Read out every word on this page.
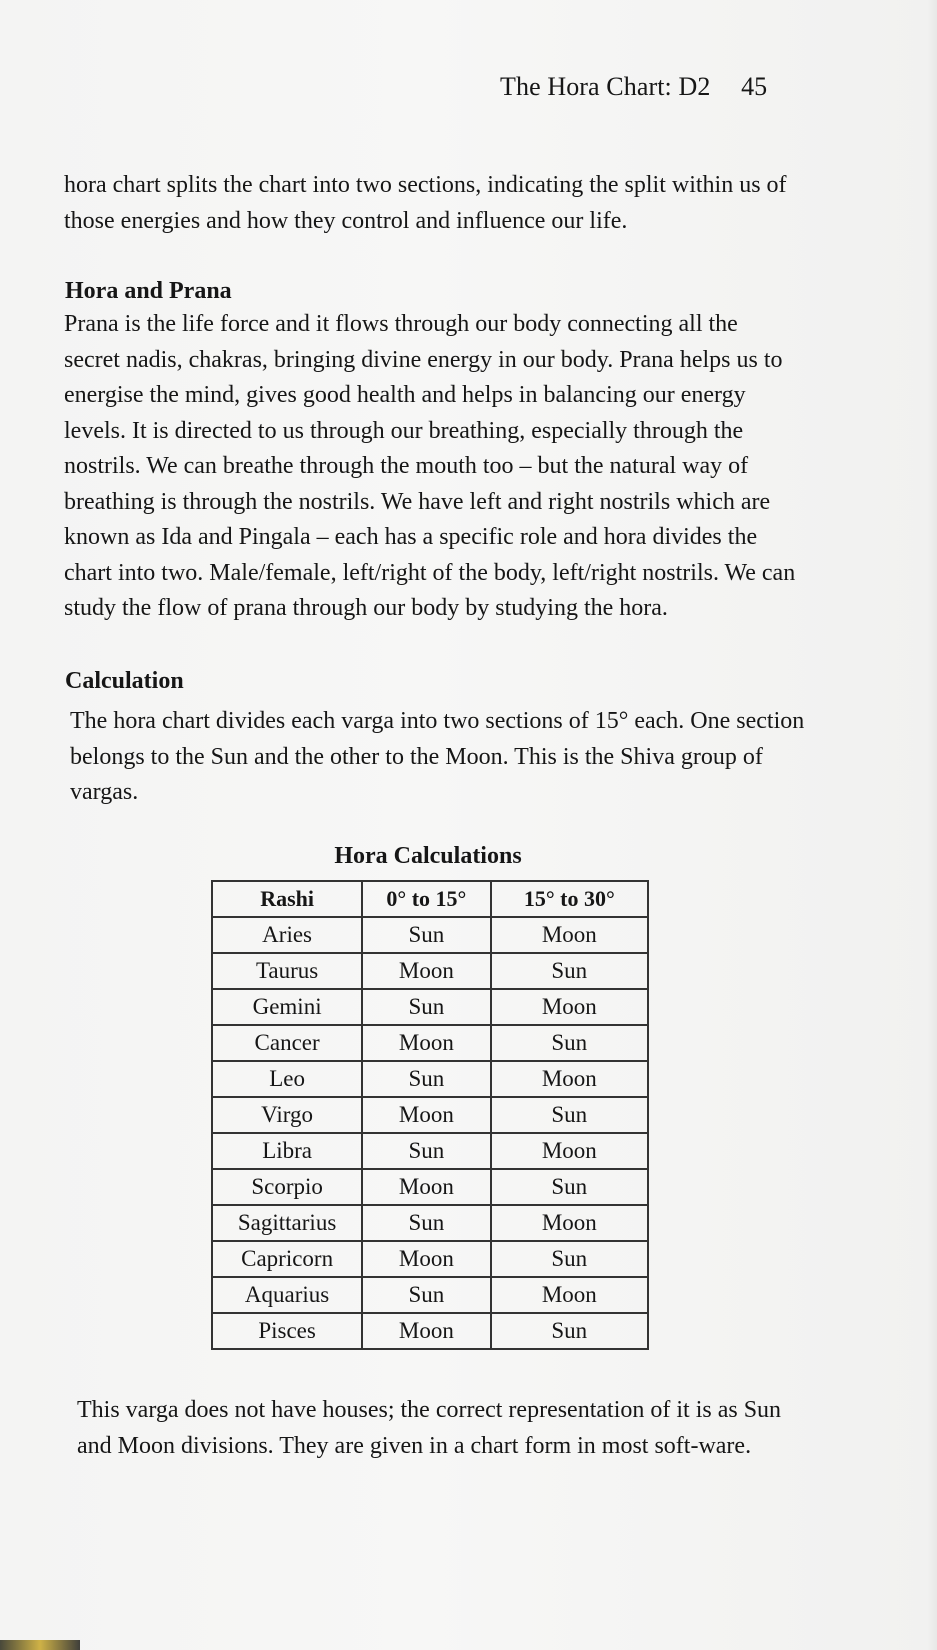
The Hora Chart: D2 45
hora chart splits the chart into two sections, indicating the split within us of those energies and how they control and influence our life.
Hora and Prana
Prana is the life force and it flows through our body connecting all the secret nadis, chakras, bringing divine energy in our body. Prana helps us to energise the mind, gives good health and helps in balancing our energy levels. It is directed to us through our breathing, especially through the nostrils. We can breathe through the mouth too – but the natural way of breathing is through the nostrils. We have left and right nostrils which are known as Ida and Pingala – each has a specific role and hora divides the chart into two. Male/female, left/right of the body, left/right nostrils. We can study the flow of prana through our body by studying the hora.
Calculation
The hora chart divides each varga into two sections of 15° each. One section belongs to the Sun and the other to the Moon. This is the Shiva group of vargas.
Hora Calculations
Rashi	0° to 15°	15° to 30°
Aries	Sun	Moon
Taurus	Moon	Sun
Gemini	Sun	Moon
Cancer	Moon	Sun
Leo	Sun	Moon
Virgo	Moon	Sun
Libra	Sun	Moon
Scorpio	Moon	Sun
Sagittarius	Sun	Moon
Capricorn	Moon	Sun
Aquarius	Sun	Moon
Pisces	Moon	Sun
This varga does not have houses; the correct representation of it is as Sun and Moon divisions. They are given in a chart form in most soft-ware.
